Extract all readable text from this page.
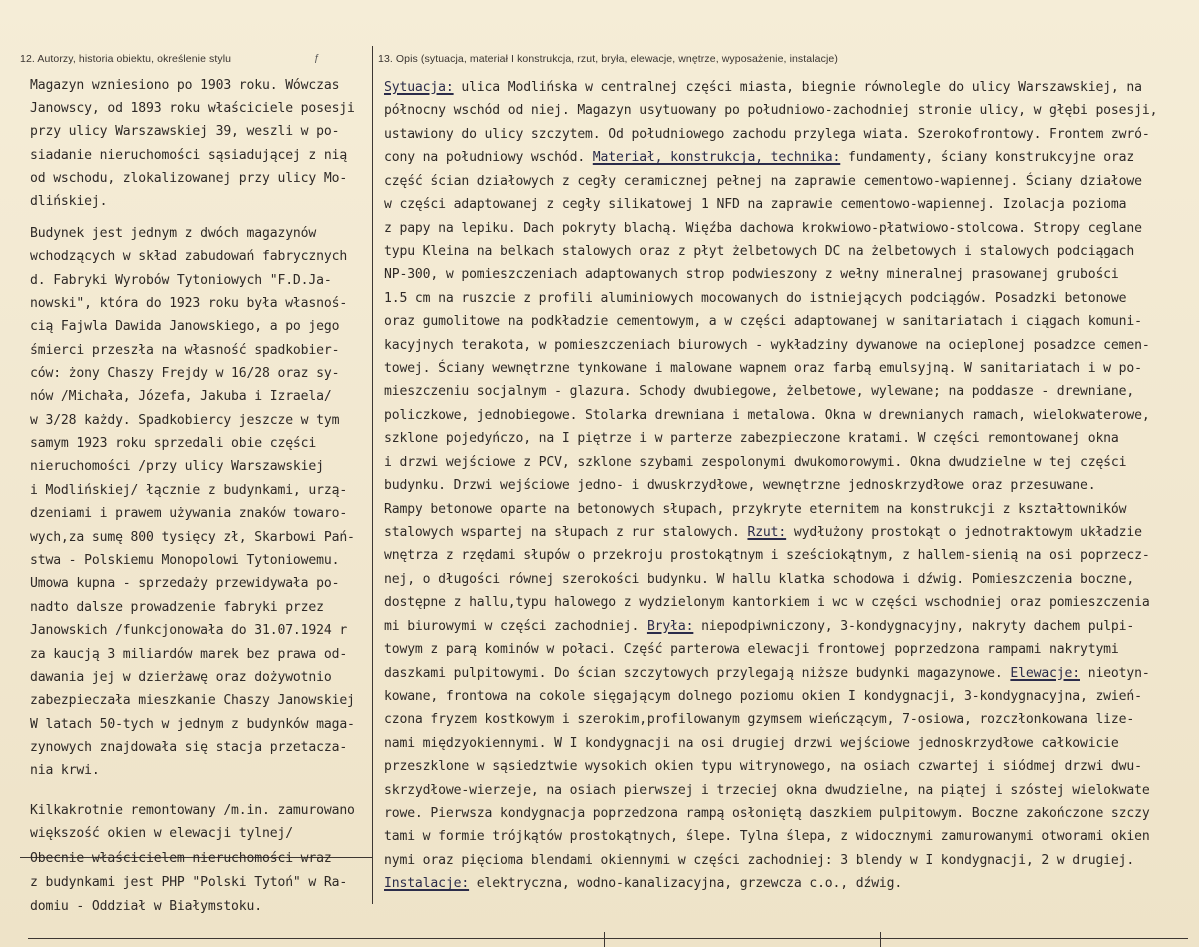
12. Autorzy, historia obiektu, określenie stylu	13. Opis (sytuacja, materiał I konstrukcja, rzut, bryła, elewacje, wnętrze, wyposażenie, instalacje)
ƒ
Magazyn wzniesiono po 1903 roku. Wówczas
Janowscy, od 1893 roku właściciele posesji
przy ulicy Warszawskiej 39, weszli w po-
siadanie nieruchomości sąsiadującej z nią
od wschodu, zlokalizowanej przy ulicy Mo-
dlińskiej.
Budynek jest jednym z dwóch magazynów
wchodzących w skład zabudowań fabrycznych
d. Fabryki Wyrobów Tytoniowych "F.D.Ja-
nowski", która do 1923 roku była własnoś-
cią Fajwla Dawida Janowskiego, a po jego
śmierci przeszła na własność spadkobier-
ców: żony Chaszy Frejdy w 16/28 oraz sy-
nów /Michała, Józefa, Jakuba i Izraela/
w 3/28 każdy. Spadkobiercy jeszcze w tym
samym 1923 roku sprzedali obie części
nieruchomości /przy ulicy Warszawskiej
i Modlińskiej/ łącznie z budynkami, urzą-
dzeniami i prawem używania znaków towaro-
wych,za sumę 800 tysięcy zł, Skarbowi Pań-
stwa - Polskiemu Monopolowi Tytoniowemu.
Umowa kupna - sprzedaży przewidywała po-
nadto dalsze prowadzenie fabryki przez
Janowskich /funkcjonowała do 31.07.1924 r
za kaucją 3 miliardów marek bez prawa od-
dawania jej w dzierżawę oraz dożywotnio
zabezpieczała mieszkanie Chaszy Janowskiej
W latach 50-tych w jednym z budynków maga-
zynowych znajdowała się stacja przetacza-
nia krwi.
Kilkakrotnie remontowany /m.in. zamurowano
większość okien w elewacji tylnej/
Obecnie właścicielem nieruchomości wraz
z budynkami jest PHP "Polski Tytoń" w Ra-
domiu - Oddział w Białymstoku.
Sytuacja: ulica Modlińska w centralnej części miasta, biegnie równolegle do ulicy Warszawskiej, na
północny wschód od niej. Magazyn usytuowany po południowo-zachodniej stronie ulicy, w głębi posesji,
ustawiony do ulicy szczytem. Od południowego zachodu przylega wiata. Szerokofrontowy. Frontem zwró-
cony na południowy wschód. Materiał, konstrukcja, technika: fundamenty, ściany konstrukcyjne oraz
część ścian działowych z cegły ceramicznej pełnej na zaprawie cementowo-wapiennej. Ściany działowe
w części adaptowanej z cegły silikatowej 1 NFD na zaprawie cementowo-wapiennej. Izolacja pozioma
z papy na lepiku. Dach pokryty blachą. Więźba dachowa krokwiowo-płatwiowo-stolcowa. Stropy ceglane
typu Kleina na belkach stalowych oraz z płyt żelbetowych DC na żelbetowych i stalowych podciągach
NP-300, w pomieszczeniach adaptowanych strop podwieszony z wełny mineralnej prasowanej grubości
1.5 cm na ruszcie z profili aluminiowych mocowanych do istniejących podciągów. Posadzki betonowe
oraz gumolitowe na podkładzie cementowym, a w części adaptowanej w sanitariatach i ciągach komuni-
kacyjnych terakota, w pomieszczeniach biurowych - wykładziny dywanowe na ocieplonej posadzce cemen-
towej. Ściany wewnętrzne tynkowane i malowane wapnem oraz farbą emulsyjną. W sanitariatach i w po-
mieszczeniu socjalnym - glazura. Schody dwubiegowe, żelbetowe, wylewane; na poddasze - drewniane,
policzkowe, jednobiegowe. Stolarka drewniana i metalowa. Okna w drewnianych ramach, wielokwaterowe,
szklone pojedyńczo, na I piętrze i w parterze zabezpieczone kratami. W części remontowanej okna
i drzwi wejściowe z PCV, szklone szybami zespolonymi dwukomorowymi. Okna dwudzielne w tej części
budynku. Drzwi wejściowe jedno- i dwuskrzydłowe, wewnętrzne jednoskrzydłowe oraz przesuwane.
Rampy betonowe oparte na betonowych słupach, przykryte eternitem na konstrukcji z kształtowników
stalowych wspartej na słupach z rur stalowych. Rzut: wydłużony prostokąt o jednotraktowym układzie
wnętrza z rzędami słupów o przekroju prostokątnym i sześciokątnym, z hallem-sienią na osi poprzecz-
nej, o długości równej szerokości budynku. W hallu klatka schodowa i dźwig. Pomieszczenia boczne,
dostępne z hallu,typu halowego z wydzielonym kantorkiem i wc w części wschodniej oraz pomieszczenia
mi biurowymi w części zachodniej. Bryła: niepodpiwniczony, 3-kondygnacyjny, nakryty dachem pulpi-
towym z parą kominów w połaci. Część parterowa elewacji frontowej poprzedzona rampami nakrytymi
daszkami pulpitowymi. Do ścian szczytowych przylegają niższe budynki magazynowe. Elewacje: nieotyn-
kowane, frontowa na cokole sięgającym dolnego poziomu okien I kondygnacji, 3-kondygnacyjna, zwień-
czona fryzem kostkowym i szerokim,profilowanym gzymsem wieńczącym, 7-osiowa, rozczłonkowana lize-
nami międzyokiennymi. W I kondygnacji na osi drugiej drzwi wejściowe jednoskrzydłowe całkowicie
przeszklone w sąsiedztwie wysokich okien typu witrynowego, na osiach czwartej i siódmej drzwi dwu-
skrzydłowe-wierzeje, na osiach pierwszej i trzeciej okna dwudzielne, na piątej i szóstej wielokwate
rowe. Pierwsza kondygnacja poprzedzona rampą osłoniętą daszkiem pulpitowym. Boczne zakończone szczy
tami w formie trójkątów prostokątnych, ślepe. Tylna ślepa, z widocznymi zamurowanymi otworami okien
nymi oraz pięcioma blendami okiennymi w części zachodniej: 3 blendy w I kondygnacji, 2 w drugiej.
Instalacje: elektryczna, wodno-kanalizacyjna, grzewcza c.o., dźwig.
